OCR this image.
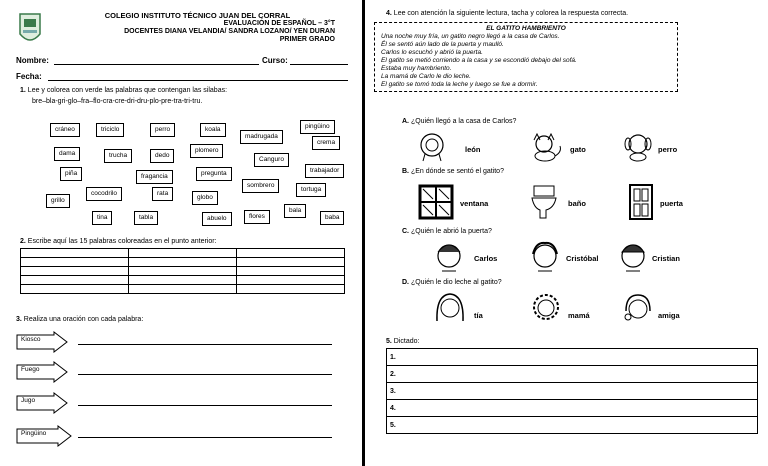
COLEGIO INSTITUTO TÉCNICO JUAN DEL CORRAL
EVALUACIÓN DE ESPAÑOL – 3°T
DOCENTES DIANA VELANDIA/ SANDRA LOZANO/ YEN DURAN
PRIMER GRADO
Nombre:	Curso:
Fecha:
1. Lee y colorea con verde las palabras que contengan las silabas:
bre–bla-gri-glo–fra–flo-cra-cre-dri-dru-plo-pre-tra-tri-tru.
cráneo	triciclo	perro	koala	pingüino
madrugada
crema
dama	trucha	dedo
plomero
Canguro
piña	fragancia	pregunta	trabajador
grillo
cocodrilo	rata
globo
sombrero
tortuga
tina	tabla	abuelo	flores
bala
baba
2. Escribe aquí las 15 palabras coloreadas en el punto anterior:

3. Realiza una oración con cada palabra:
Kiosco
Fuego
Jugo
Pingüino
4. Lee con atención la siguiente lectura, tacha y colorea la respuesta correcta.
EL GATITO HAMBRIENTO
Una noche muy fría, un gatito negro llegó a la casa de Carlos.
Él se sentó aún lado de la puerta y maulló.
Carlos lo escuchó y abrió la puerta.
El gatito se metió corriendo a la casa y se escondió debajo del sofá.
Estaba muy hambriento.
La mamá de Carlo le dio leche.
El gatito se tomó toda la leche y luego se fue a dormir.
A. ¿Quién llegó a la casa de Carlos?
león	gato	perro
B. ¿En dónde se sentó el gatito?
ventana	baño	puerta
C. ¿Quién le abrió la puerta?
Carlos	Cristóbal	Cristian
D. ¿Quién le dio leche al gatito?
tía	mamá	amiga
5. Dictado:
1.
2.
3.
4.
5.
